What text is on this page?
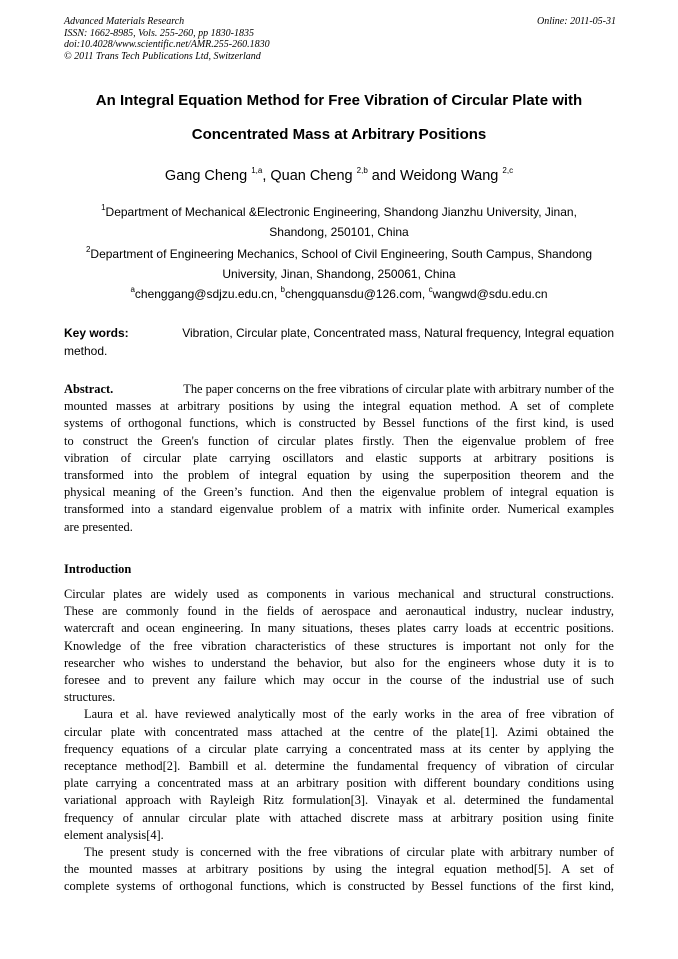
Advanced Materials Research	Online: 2011-05-31
ISSN: 1662-8985, Vols. 255-260, pp 1830-1835
doi:10.4028/www.scientific.net/AMR.255-260.1830
© 2011 Trans Tech Publications Ltd, Switzerland
An Integral Equation Method for Free Vibration of Circular Plate with
Concentrated Mass at Arbitrary Positions
Gang Cheng $^{1,a}$, Quan Cheng $^{2,b}$ and Weidong Wang $^{2,c}$
$^1$Department of Mechanical &Electronic Engineering, Shandong Jianzhu University, Jinan,
Shandong, 250101, China
$^2$Department of Engineering Mechanics, School of Civil Engineering, South Campus, Shandong
University, Jinan, Shandong, 250061, China
$^a$chenggang@sdjzu.edu.cn, $^b$chengquansdu@126.com, $^c$wangwd@sdu.edu.cn
Key words:	Vibration, Circular plate, Concentrated mass, Natural frequency, Integral equation
method.
Abstract.	The paper concerns on the free vibrations of circular plate with arbitrary number of the
mounted masses at arbitrary positions by using the integral equation method. A set of complete
systems of orthogonal functions, which is constructed by Bessel functions of the first kind, is used
to construct the Green's function of circular plates firstly. Then the eigenvalue problem of free
vibration of circular plate carrying oscillators and elastic supports at arbitrary positions is
transformed into the problem of integral equation by using the superposition theorem and the
physical meaning of the Green’s function. And then the eigenvalue problem of integral equation is
transformed into a standard eigenvalue problem of a matrix with infinite order. Numerical examples
are presented.
Introduction
Circular plates are widely used as components in various mechanical and structural constructions.
These are commonly found in the fields of aerospace and aeronautical industry, nuclear industry,
watercraft and ocean engineering. In many situations, theses plates carry loads at eccentric positions.
Knowledge of the free vibration characteristics of these structures is important not only for the
researcher who wishes to understand the behavior, but also for the engineers whose duty it is to
foresee and to prevent any failure which may occur in the course of the industrial use of such
structures.
Laura et al. have reviewed analytically most of the early works in the area of free vibration of
circular plate with concentrated mass attached at the centre of the plate[1]. Azimi obtained the
frequency equations of a circular plate carrying a concentrated mass at its center by applying the
receptance method[2]. Bambill et al. determine the fundamental frequency of vibration of circular
plate carrying a concentrated mass at an arbitrary position with different boundary conditions using
variational approach with Rayleigh Ritz formulation[3]. Vinayak et al. determined the fundamental
frequency of annular circular plate with attached discrete mass at arbitrary position using finite
element analysis[4].
The present study is concerned with the free vibrations of circular plate with arbitrary number of
the mounted masses at arbitrary positions by using the integral equation method[5]. A set of
complete systems of orthogonal functions, which is constructed by Bessel functions of the first kind,
